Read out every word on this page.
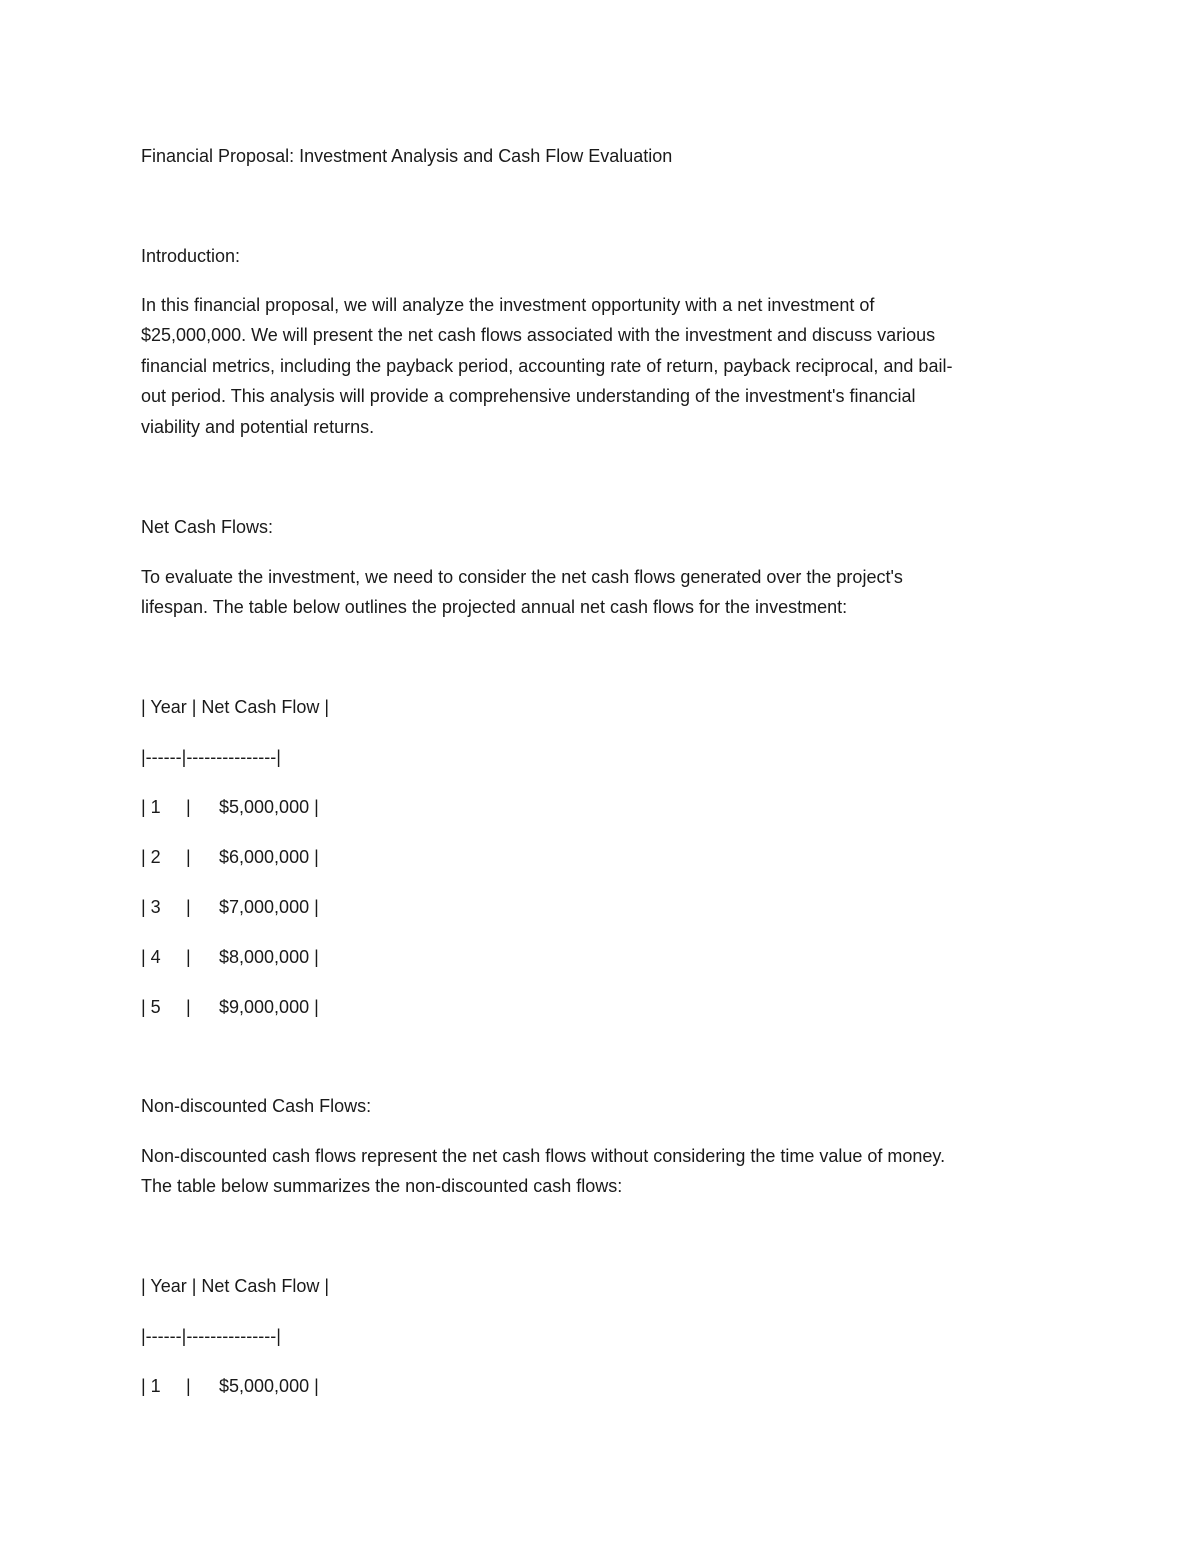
Financial Proposal: Investment Analysis and Cash Flow Evaluation
Introduction:
In this financial proposal, we will analyze the investment opportunity with a net investment of
$25,000,000. We will present the net cash flows associated with the investment and discuss various
financial metrics, including the payback period, accounting rate of return, payback reciprocal, and bail-
out period. This analysis will provide a comprehensive understanding of the investment's financial
viability and potential returns.
Net Cash Flows:
To evaluate the investment, we need to consider the net cash flows generated over the project's
lifespan. The table below outlines the projected annual net cash flows for the investment:
| Year | Net Cash Flow |
|------|---------------|
| 1 | $5,000,000 |
| 2 | $6,000,000 |
| 3 | $7,000,000 |
| 4 | $8,000,000 |
| 5 | $9,000,000 |
Non-discounted Cash Flows:
Non-discounted cash flows represent the net cash flows without considering the time value of money.
The table below summarizes the non-discounted cash flows:
| Year | Net Cash Flow |
|------|---------------|
| 1 | $5,000,000 |
